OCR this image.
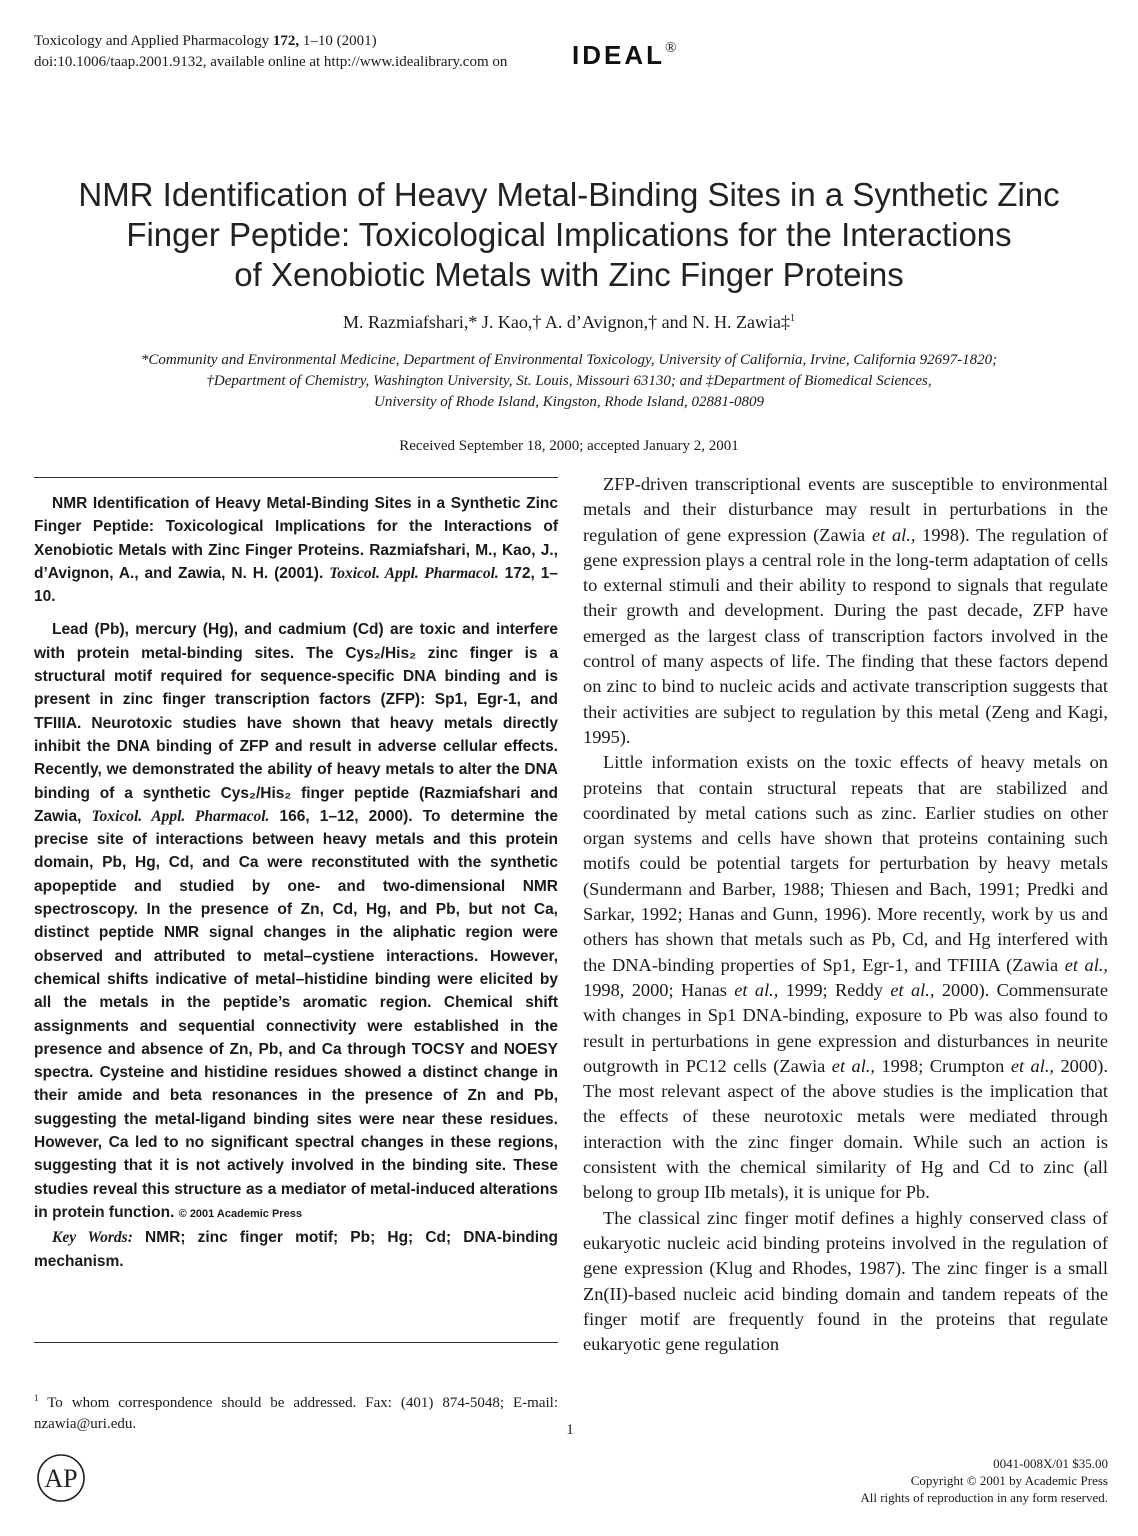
Toxicology and Applied Pharmacology 172, 1–10 (2001)
doi:10.1006/taap.2001.9132, available online at http://www.idealibrary.com on IDEAL®
NMR Identification of Heavy Metal-Binding Sites in a Synthetic Zinc
Finger Peptide: Toxicological Implications for the Interactions
of Xenobiotic Metals with Zinc Finger Proteins
M. Razmiafshari,* J. Kao,† A. d’Avignon,† and N. H. Zawia‡$^1$
*Community and Environmental Medicine, Department of Environmental Toxicology, University of California, Irvine, California 92697-1820;
†Department of Chemistry, Washington University, St. Louis, Missouri 63130; and ‡Department of Biomedical Sciences,
University of Rhode Island, Kingston, Rhode Island, 02881-0809
Received September 18, 2000; accepted January 2, 2001

NMR Identification of Heavy Metal-Binding Sites in a Synthetic Zinc Finger Peptide: Toxicological Implications for the Interactions of Xenobiotic Metals with Zinc Finger Proteins. Razmiafshari, M., Kao, J., d’Avignon, A., and Zawia, N. H. (2001). Toxicol. Appl. Pharmacol. 172, 1–10.

Lead (Pb), mercury (Hg), and cadmium (Cd) are toxic and interfere with protein metal-binding sites. The Cys₂/His₂ zinc finger is a structural motif required for sequence-specific DNA binding and is present in zinc finger transcription factors (ZFP): Sp1, Egr-1, and TFIIIA. Neurotoxic studies have shown that heavy metals directly inhibit the DNA binding of ZFP and result in adverse cellular effects. Recently, we demonstrated the ability of heavy metals to alter the DNA binding of a synthetic Cys₂/His₂ finger peptide (Razmiafshari and Zawia, Toxicol. Appl. Pharmacol. 166, 1–12, 2000). To determine the precise site of interactions between heavy metals and this protein domain, Pb, Hg, Cd, and Ca were reconstituted with the synthetic apopeptide and studied by one- and two-dimensional NMR spectroscopy. In the presence of Zn, Cd, Hg, and Pb, but not Ca, distinct peptide NMR signal changes in the aliphatic region were observed and attributed to metal–cystiene interactions. However, chemical shifts indicative of metal–histidine binding were elicited by all the metals in the peptide’s aromatic region. Chemical shift assignments and sequential connectivity were established in the presence and absence of Zn, Pb, and Ca through TOCSY and NOESY spectra. Cysteine and histidine residues showed a distinct change in their amide and beta resonances in the presence of Zn and Pb, suggesting the metal-ligand binding sites were near these residues. However, Ca led to no significant spectral changes in these regions, suggesting that it is not actively involved in the binding site. These studies reveal this structure as a mediator of metal-induced alterations in protein function. © 2001 Academic Press

Key Words: NMR; zinc finger motif; Pb; Hg; Cd; DNA-binding mechanism.

$^1$ To whom correspondence should be addressed. Fax: (401) 874-5048; E-mail: nzawia@uri.edu.

ZFP-driven transcriptional events are susceptible to environmental metals and their disturbance may result in perturbations in the regulation of gene expression (Zawia et al., 1998). The regulation of gene expression plays a central role in the long-term adaptation of cells to external stimuli and their ability to respond to signals that regulate their growth and development. During the past decade, ZFP have emerged as the largest class of transcription factors involved in the control of many aspects of life. The finding that these factors depend on zinc to bind to nucleic acids and activate transcription suggests that their activities are subject to regulation by this metal (Zeng and Kagi, 1995).

Little information exists on the toxic effects of heavy metals on proteins that contain structural repeats that are stabilized and coordinated by metal cations such as zinc. Earlier studies on other organ systems and cells have shown that proteins containing such motifs could be potential targets for perturbation by heavy metals (Sundermann and Barber, 1988; Thiesen and Bach, 1991; Predki and Sarkar, 1992; Hanas and Gunn, 1996). More recently, work by us and others has shown that metals such as Pb, Cd, and Hg interfered with the DNA-binding properties of Sp1, Egr-1, and TFIIIA (Zawia et al., 1998, 2000; Hanas et al., 1999; Reddy et al., 2000). Commensurate with changes in Sp1 DNA-binding, exposure to Pb was also found to result in perturbations in gene expression and disturbances in neurite outgrowth in PC12 cells (Zawia et al., 1998; Crumpton et al., 2000). The most relevant aspect of the above studies is the implication that the effects of these neurotoxic metals were mediated through interaction with the zinc finger domain. While such an action is consistent with the chemical similarity of Hg and Cd to zinc (all belong to group IIb metals), it is unique for Pb.

The classical zinc finger motif defines a highly conserved class of eukaryotic nucleic acid binding proteins involved in the regulation of gene expression (Klug and Rhodes, 1987). The zinc finger is a small Zn(II)-based nucleic acid binding domain and tandem repeats of the finger motif are frequently found in the proteins that regulate eukaryotic gene regulation

1
0041-008X/01 $35.00
Copyright © 2001 by Academic Press
All rights of reproduction in any form reserved.
AP
